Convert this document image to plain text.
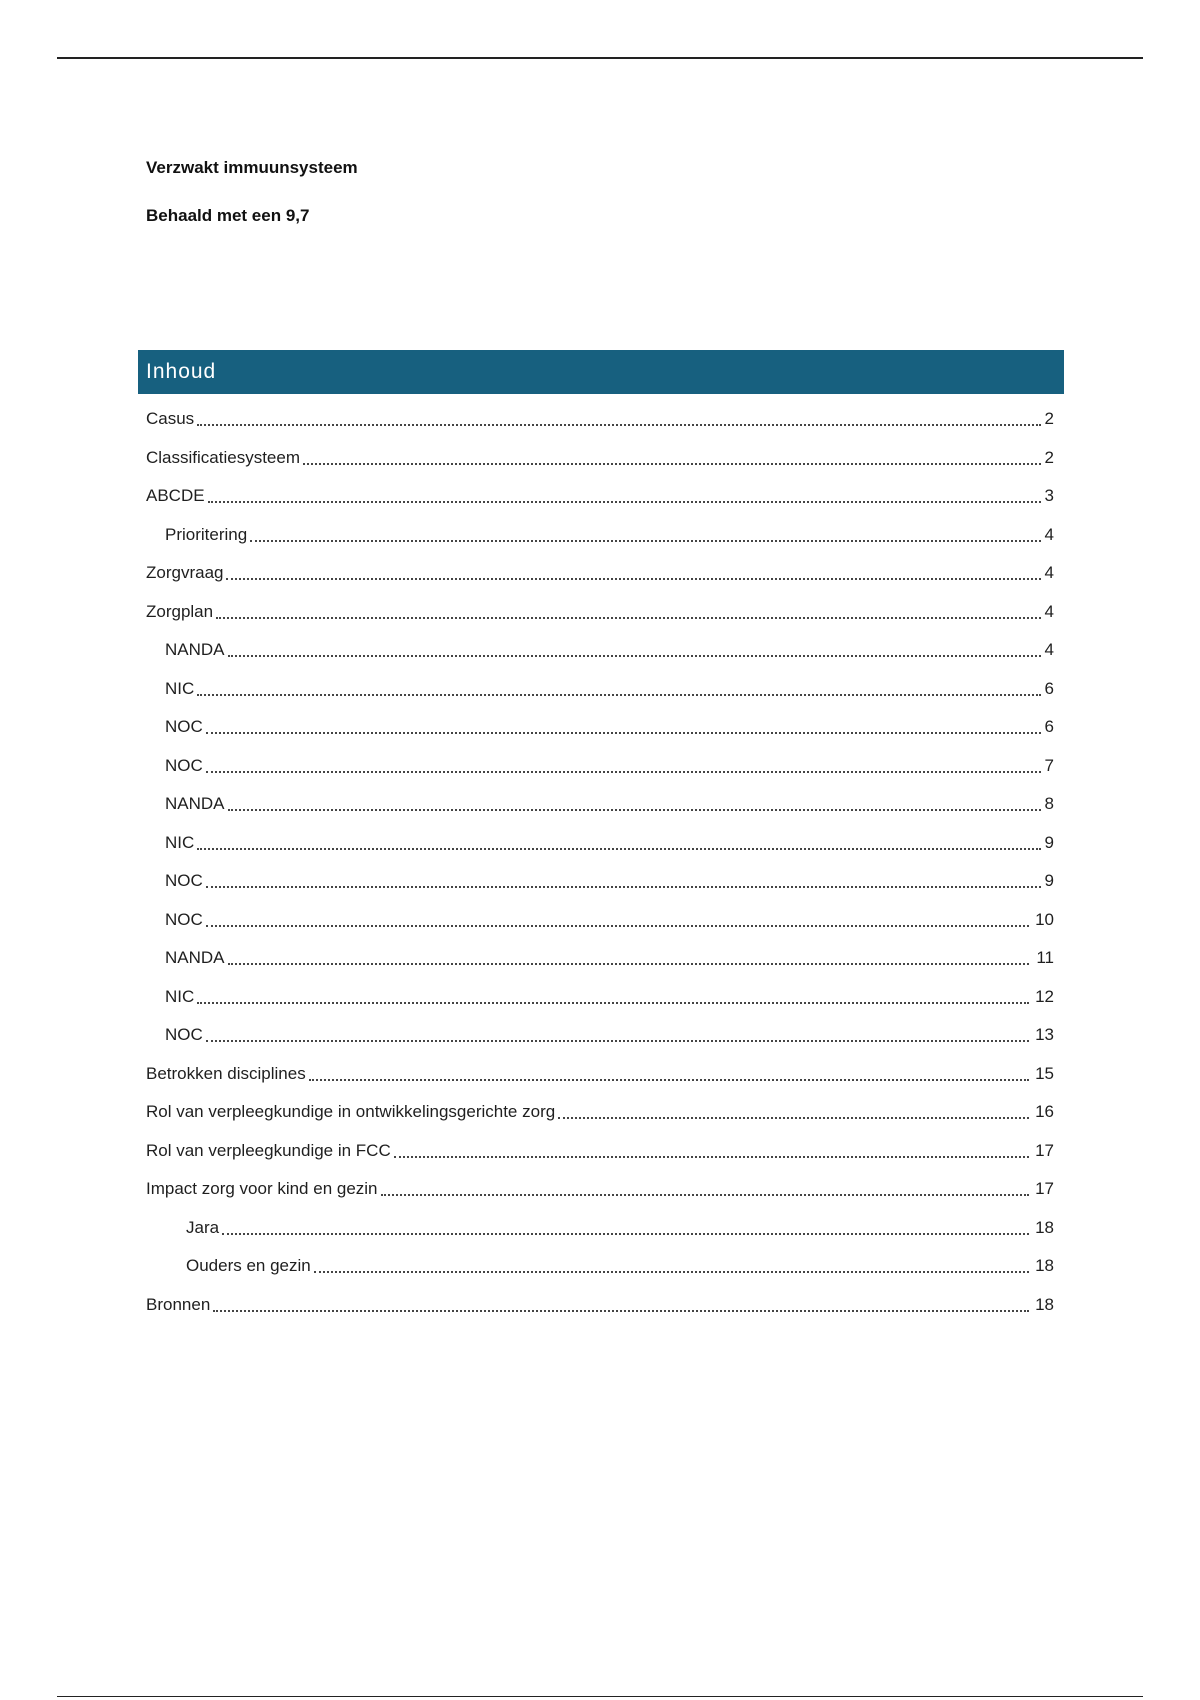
Verzwakt immuunsysteem
Behaald met een 9,7
Inhoud
Casus	2
Classificatiesysteem	2
ABCDE	3
Prioritering	4
Zorgvraag	4
Zorgplan	4
NANDA	4
NIC	6
NOC	6
NOC	7
NANDA	8
NIC	9
NOC	9
NOC	10
NANDA	11
NIC	12
NOC	13
Betrokken disciplines	15
Rol van verpleegkundige in ontwikkelingsgerichte zorg	16
Rol van verpleegkundige in FCC	17
Impact zorg voor kind en gezin	17
Jara	18
Ouders en gezin	18
Bronnen	18
